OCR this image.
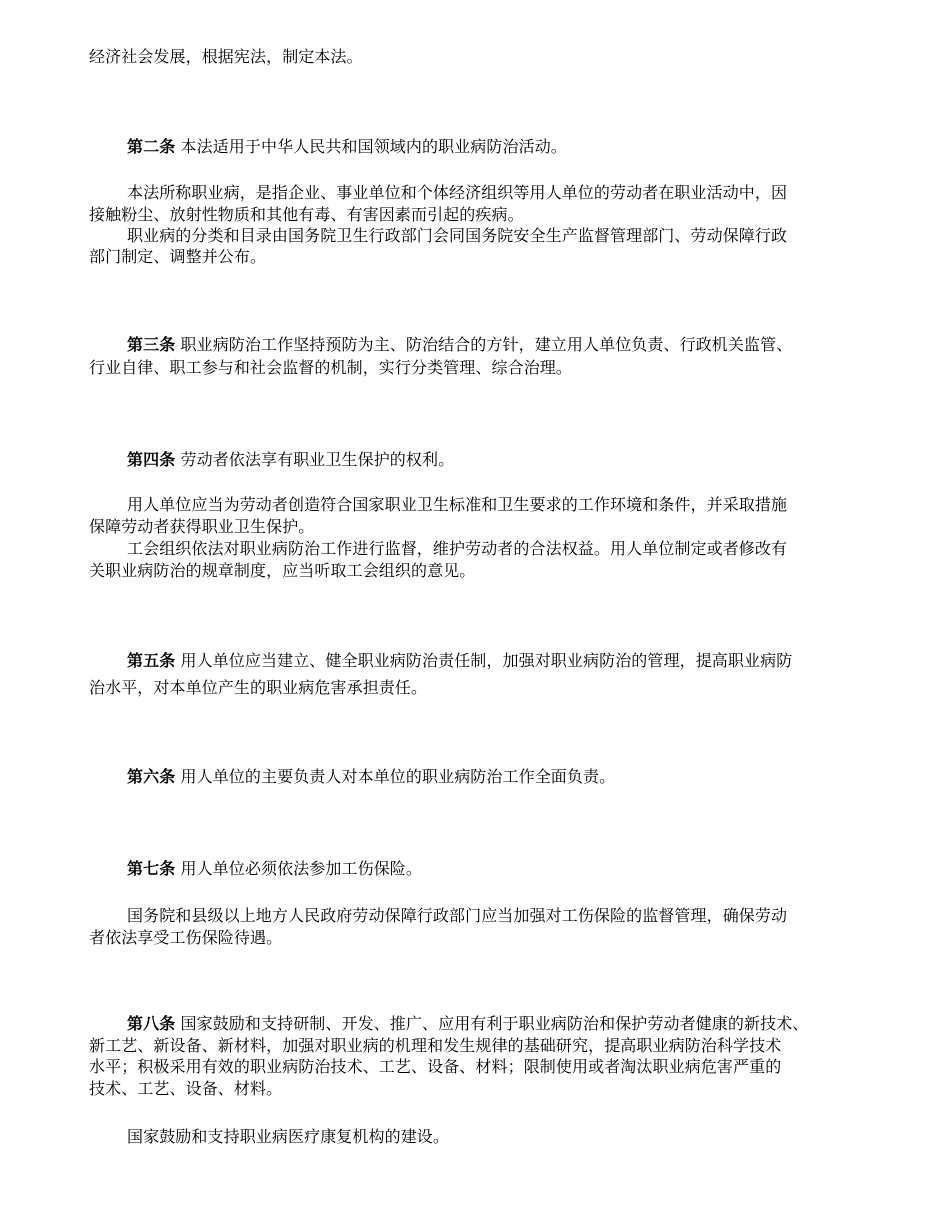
经济社会发展，根据宪法，制定本法。
第二条 本法适用于中华人民共和国领域内的职业病防治活动。
本法所称职业病，是指企业、事业单位和个体经济组织等用人单位的劳动者在职业活动中，因
接触粉尘、放射性物质和其他有毒、有害因素而引起的疾病。
职业病的分类和目录由国务院卫生行政部门会同国务院安全生产监督管理部门、劳动保障行政
部门制定、调整并公布。
第三条 职业病防治工作坚持预防为主、防治结合的方针，建立用人单位负责、行政机关监管、
行业自律、职工参与和社会监督的机制，实行分类管理、综合治理。
第四条 劳动者依法享有职业卫生保护的权利。
用人单位应当为劳动者创造符合国家职业卫生标准和卫生要求的工作环境和条件，并采取措施
保障劳动者获得职业卫生保护。
工会组织依法对职业病防治工作进行监督，维护劳动者的合法权益。用人单位制定或者修改有
关职业病防治的规章制度，应当听取工会组织的意见。
第五条 用人单位应当建立、健全职业病防治责任制，加强对职业病防治的管理，提高职业病防
治水平，对本单位产生的职业病危害承担责任。
第六条 用人单位的主要负责人对本单位的职业病防治工作全面负责。
第七条 用人单位必须依法参加工伤保险。
国务院和县级以上地方人民政府劳动保障行政部门应当加强对工伤保险的监督管理，确保劳动
者依法享受工伤保险待遇。
第八条 国家鼓励和支持研制、开发、推广、应用有利于职业病防治和保护劳动者健康的新技术、
新工艺、新设备、新材料，加强对职业病的机理和发生规律的基础研究，提高职业病防治科学技术
水平；积极采用有效的职业病防治技术、工艺、设备、材料；限制使用或者淘汰职业病危害严重的
技术、工艺、设备、材料。
国家鼓励和支持职业病医疗康复机构的建设。
